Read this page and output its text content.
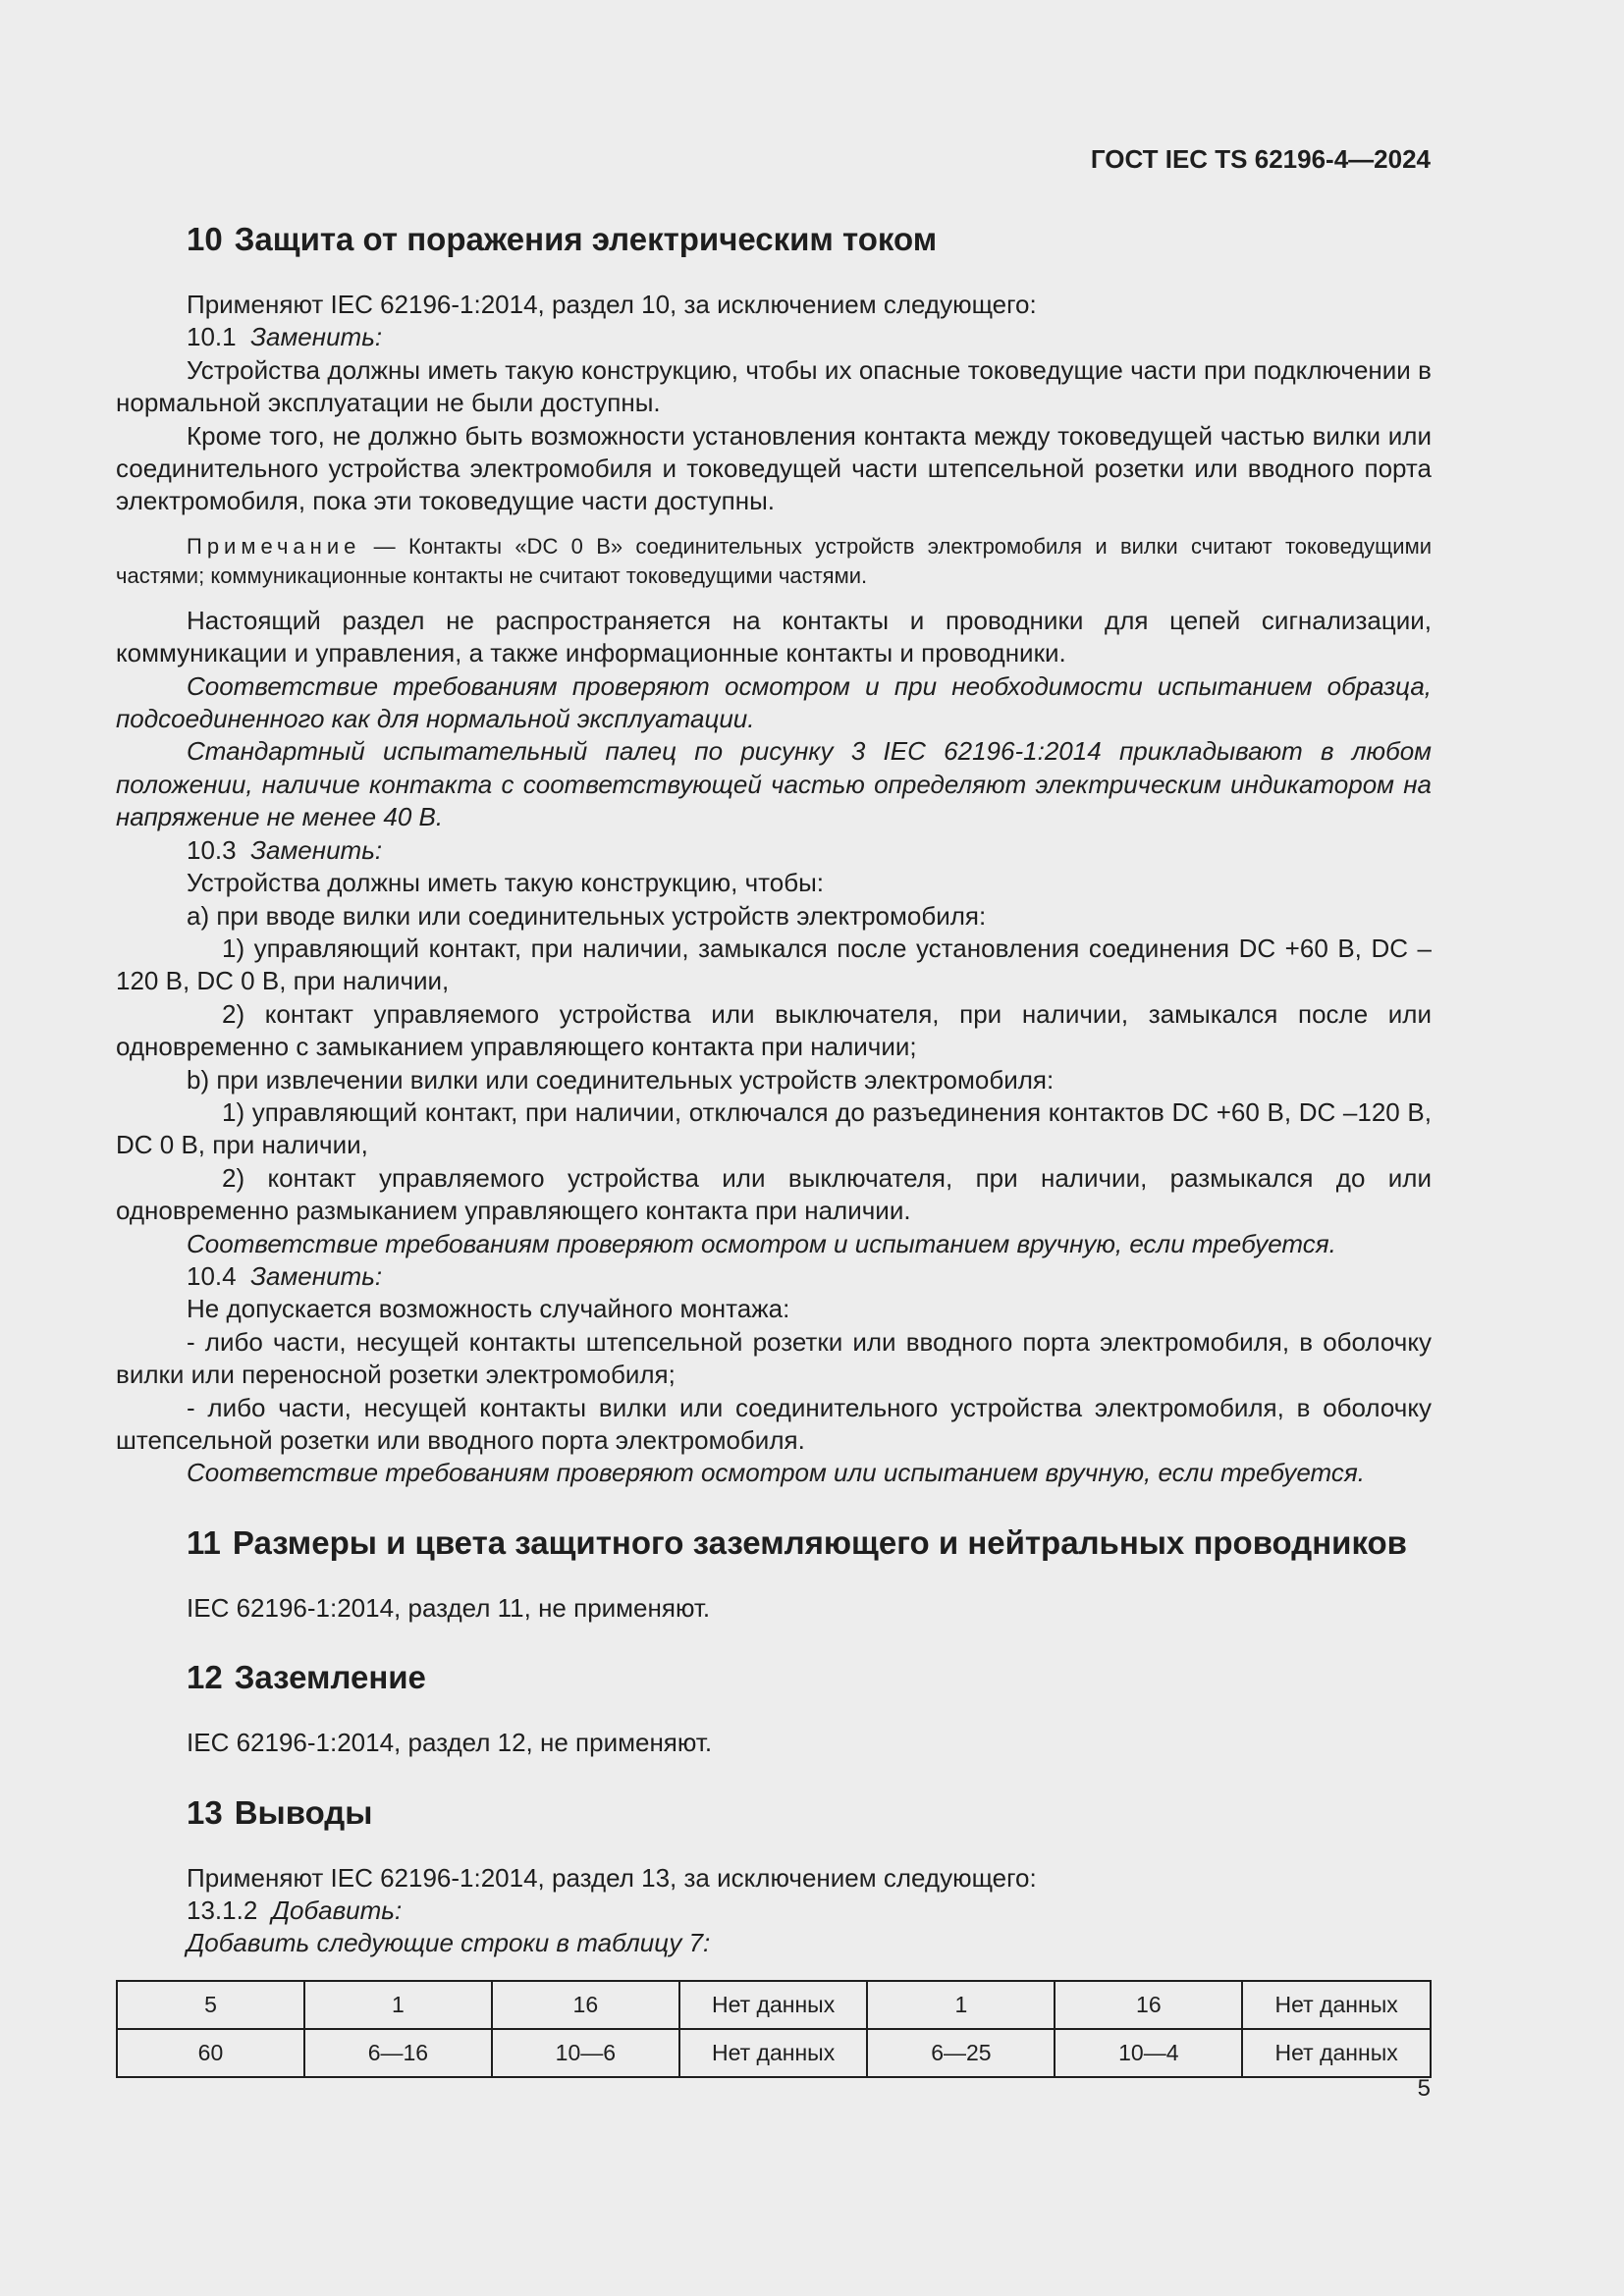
ГОСТ IEC TS 62196-4—2024
10 Защита от поражения электрическим током

Применяют IEC 62196-1:2014, раздел 10, за исключением следующего:

10.1 Заменить:

Устройства должны иметь такую конструкцию, чтобы их опасные токоведущие части при подключении в нормальной эксплуатации не были доступны.

Кроме того, не должно быть возможности установления контакта между токоведущей частью вилки или соединительного устройства электромобиля и токоведущей части штепсельной розетки или вводного порта электромобиля, пока эти токоведущие части доступны.

Примечание — Контакты «DC 0 В» соединительных устройств электромобиля и вилки считают токоведущими частями; коммуникационные контакты не считают токоведущими частями.

Настоящий раздел не распространяется на контакты и проводники для цепей сигнализации, коммуникации и управления, а также информационные контакты и проводники.

Соответствие требованиям проверяют осмотром и при необходимости испытанием образца, подсоединенного как для нормальной эксплуатации.

Стандартный испытательный палец по рисунку 3 IEC 62196-1:2014 прикладывают в любом положении, наличие контакта с соответствующей частью определяют электрическим индикатором на напряжение не менее 40 В.

10.3 Заменить:

Устройства должны иметь такую конструкцию, чтобы:

а) при вводе вилки или соединительных устройств электромобиля:

1) управляющий контакт, при наличии, замыкался после установления соединения DC +60 В, DC –120 В, DC 0 В, при наличии,

2) контакт управляемого устройства или выключателя, при наличии, замыкался после или одновременно с замыканием управляющего контакта при наличии;

b) при извлечении вилки или соединительных устройств электромобиля:

1) управляющий контакт, при наличии, отключался до разъединения контактов DC +60 В, DC –120 В, DC 0 В, при наличии,

2) контакт управляемого устройства или выключателя, при наличии, размыкался до или одновременно размыканием управляющего контакта при наличии.

Соответствие требованиям проверяют осмотром и испытанием вручную, если требуется.

10.4 Заменить:

Не допускается возможность случайного монтажа:

- либо части, несущей контакты штепсельной розетки или вводного порта электромобиля, в оболочку вилки или переносной розетки электромобиля;

- либо части, несущей контакты вилки или соединительного устройства электромобиля, в оболочку штепсельной розетки или вводного порта электромобиля.

Соответствие требованиям проверяют осмотром или испытанием вручную, если требуется.

11 Размеры и цвета защитного заземляющего и нейтральных проводников

IEC 62196-1:2014, раздел 11, не применяют.

12 Заземление

IEC 62196-1:2014, раздел 12, не применяют.

13 Выводы

Применяют IEC 62196-1:2014, раздел 13, за исключением следующего:

13.1.2 Добавить:

Добавить следующие строки в таблицу 7:

5	1	16	Нет данных	1	16	Нет данных
60	6—16	10—6	Нет данных	6—25	10—4	Нет данных
5
